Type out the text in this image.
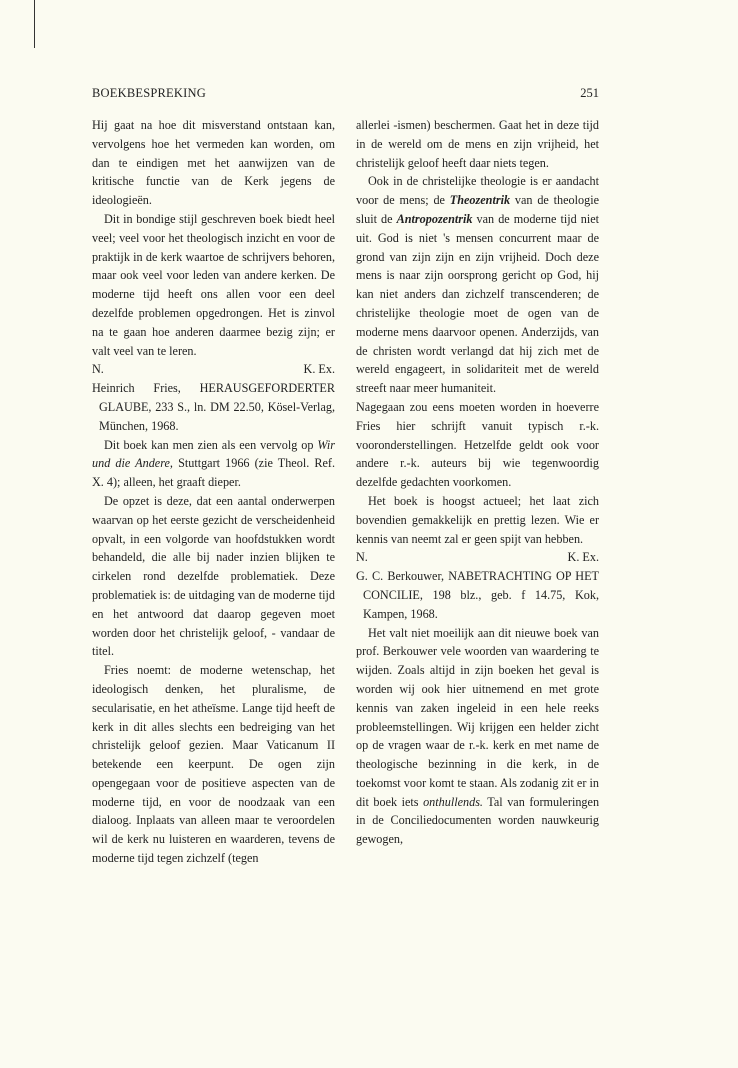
BOEKBESPREKING	251

Hij gaat na hoe dit misverstand ontstaan kan, vervolgens hoe het vermeden kan worden, om dan te eindigen met het aanwijzen van de kritische functie van de Kerk jegens de ideologieën.

Dit in bondige stijl geschreven boek biedt heel veel; veel voor het theologisch inzicht en voor de praktijk in de kerk waartoe de schrijvers behoren, maar ook veel voor leden van andere kerken. De moderne tijd heeft ons allen voor een deel dezelfde problemen opgedrongen. Het is zinvol na te gaan hoe anderen daarmee bezig zijn; er valt veel van te leren.

N.	K. Ex.

Heinrich Fries, HERAUSGEFORDERTER GLAUBE, 233 S., ln. DM 22.50, Kösel-Verlag, München, 1968.

Dit boek kan men zien als een vervolg op Wir und die Andere, Stuttgart 1966 (zie Theol. Ref. X. 4); alleen, het graaft dieper.

De opzet is deze, dat een aantal onderwerpen waarvan op het eerste gezicht de verscheidenheid opvalt, in een volgorde van hoofdstukken wordt behandeld, die alle bij nader inzien blijken te cirkelen rond dezelfde problematiek. Deze problematiek is: de uitdaging van de moderne tijd en het antwoord dat daarop gegeven moet worden door het christelijk geloof, - vandaar de titel.

Fries noemt: de moderne wetenschap, het ideologisch denken, het pluralisme, de secularisatie, en het atheïsme. Lange tijd heeft de kerk in dit alles slechts een bedreiging van het christelijk geloof gezien. Maar Vaticanum II betekende een keerpunt. De ogen zijn opengegaan voor de positieve aspecten van de moderne tijd, en voor de noodzaak van een dialoog. Inplaats van alleen maar te veroordelen wil de kerk nu luisteren en waarderen, tevens de moderne tijd tegen zichzelf (tegen

allerlei -ismen) beschermen. Gaat het in deze tijd in de wereld om de mens en zijn vrijheid, het christelijk geloof heeft daar niets tegen.

Ook in de christelijke theologie is er aandacht voor de mens; de Theozentrik van de theologie sluit de Antropozentrik van de moderne tijd niet uit. God is niet 's mensen concurrent maar de grond van zijn zijn en zijn vrijheid. Doch deze mens is naar zijn oorsprong gericht op God, hij kan niet anders dan zichzelf transcenderen; de christelijke theologie moet de ogen van de moderne mens daarvoor openen. Anderzijds, van de christen wordt verlangd dat hij zich met de wereld engageert, in solidariteit met de wereld streeft naar meer humaniteit.

Nagegaan zou eens moeten worden in hoeverre Fries hier schrijft vanuit typisch r.-k. vooronderstellingen. Hetzelfde geldt ook voor andere r.-k. auteurs bij wie tegenwoordig dezelfde gedachten voorkomen.

Het boek is hoogst actueel; het laat zich bovendien gemakkelijk en prettig lezen. Wie er kennis van neemt zal er geen spijt van hebben.

N.	K. Ex.

G. C. Berkouwer, NABETRACHTING OP HET CONCILIE, 198 blz., geb. f 14.75, Kok, Kampen, 1968.

Het valt niet moeilijk aan dit nieuwe boek van prof. Berkouwer vele woorden van waardering te wijden. Zoals altijd in zijn boeken het geval is worden wij ook hier uitnemend en met grote kennis van zaken ingeleid in een hele reeks probleemstellingen. Wij krijgen een helder zicht op de vragen waar de r.-k. kerk en met name de theologische bezinning in die kerk, in de toekomst voor komt te staan. Als zodanig zit er in dit boek iets onthullends. Tal van formuleringen in de Conciliedocumenten worden nauwkeurig gewogen,
